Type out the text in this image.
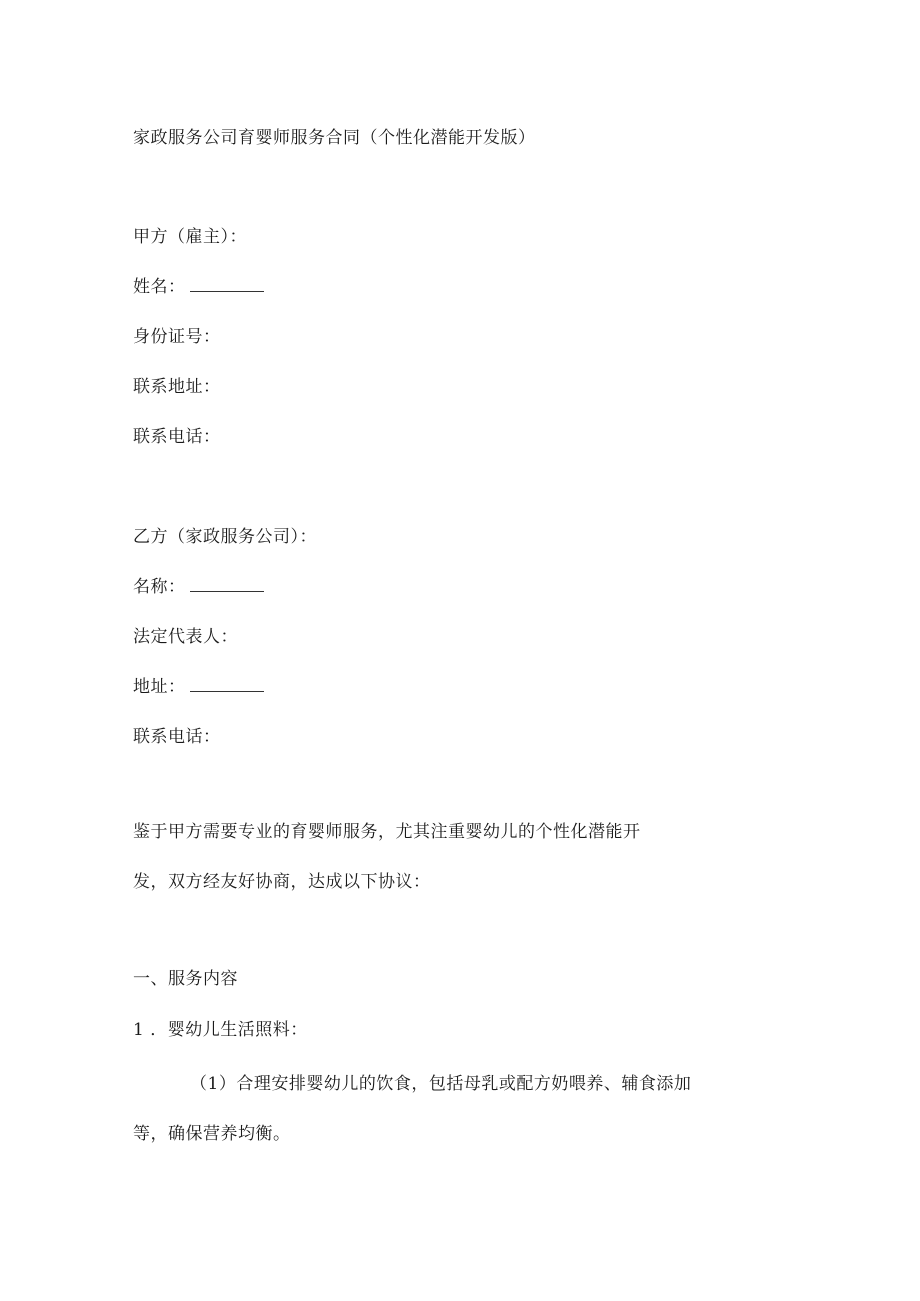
家政服务公司育婴师服务合同（个性化潜能开发版）
甲方（雇主）：
姓名：
身份证号：
联系地址：
联系电话：
乙方（家政服务公司）：
名称：
法定代表人：
地址：
联系电话：
鉴于甲方需要专业的育婴师服务，尤其注重婴幼儿的个性化潜能开
发，双方经友好协商，达成以下协议：
一、服务内容
1 ．婴幼儿生活照料：
（1）合理安排婴幼儿的饮食，包括母乳或配方奶喂养、辅食添加
等，确保营养均衡。
